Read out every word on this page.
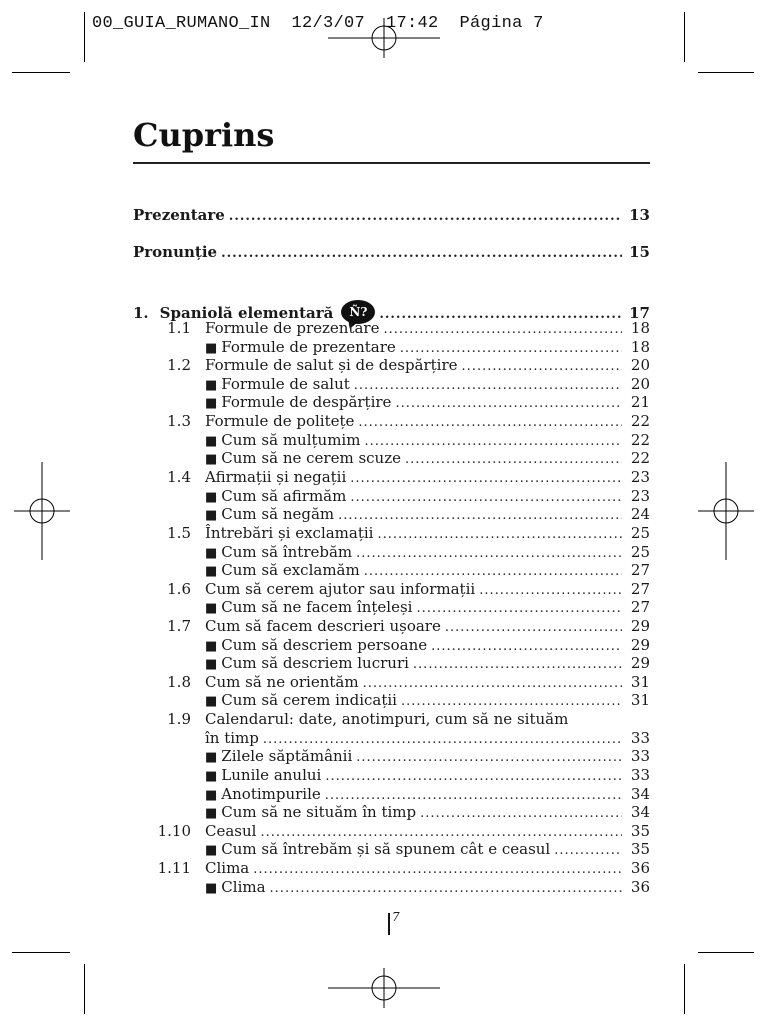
00_GUIA_RUMANO_IN  12/3/07  17:42  Página 7
Cuprins
Prezentare .....	13
Pronunție .....	15
1. Spaniolă elementară Ñ? .....	17
1.1 Formule de prezentare .....	18
■ Formule de prezentare .....	18
1.2 Formule de salut și de despărțire .....	20
■ Formule de salut .....	20
■ Formule de despărțire .....	21
1.3 Formule de politețe .....	22
■ Cum să mulțumim .....	22
■ Cum să ne cerem scuze .....	22
1.4 Afirmații și negații .....	23
■ Cum să afirmăm .....	23
■ Cum să negăm .....	24
1.5 Întrebări și exclamații .....	25
■ Cum să întrebăm .....	25
■ Cum să exclamăm .....	27
1.6 Cum să cerem ajutor sau informații .....	27
■ Cum să ne facem înțeleși .....	27
1.7 Cum să facem descrieri ușoare .....	29
■ Cum să descriem persoane .....	29
■ Cum să descriem lucruri .....	29
1.8 Cum să ne orientăm .....	31
■ Cum să cerem indicații .....	31
1.9 Calendarul: date, anotimpuri, cum să ne situăm
în timp .....	33
■ Zilele săptămânii .....	33
■ Lunile anului .....	33
■ Anotimpurile .....	34
■ Cum să ne situăm în timp .....	34
1.10 Ceasul .....	35
■ Cum să întrebăm și să spunem cât e ceasul .....	35
1.11 Clima .....	36
■ Clima .....	36
7
